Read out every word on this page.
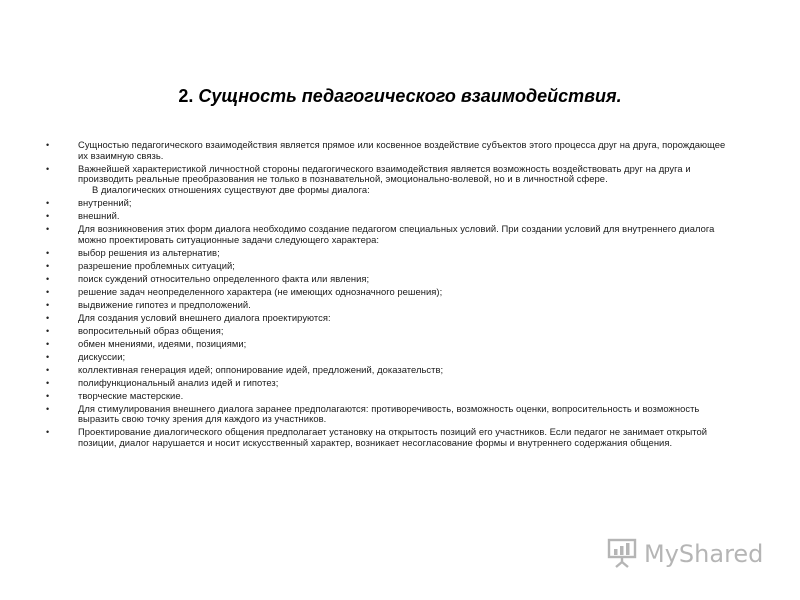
2. Сущность педагогического взаимодействия.
• Сущностью педагогического взаимодействия является прямое или косвенное воздействие субъектов этого процесса друг на друга, порождающее их взаимную связь.
• Важнейшей характеристикой личностной стороны педагогического взаимодействия является возможность воздействовать друг на друга и производить реальные преобразования не только в познавательной, эмоционально-волевой, но и в личностной сфере.
В диалогических отношениях существуют две формы диалога:
• внутренний;
• внешний.
• Для возникновения этих форм диалога необходимо создание педагогом специальных условий. При создании условий для внутреннего диалога можно проектировать ситуационные задачи следующего характера:
• выбор решения из альтернатив;
• разрешение проблемных ситуаций;
• поиск суждений относительно определенного факта или явления;
• решение задач неопределенного характера (не имеющих однозначного решения);
• выдвижение гипотез и предположений.
• Для создания условий внешнего диалога проектируются:
• вопросительный образ общения;
• обмен мнениями, идеями, позициями;
• дискуссии;
• коллективная генерация идей; оппонирование идей, предложений, доказательств;
• полифункциональный анализ идей и гипотез;
• творческие мастерские.
• Для стимулирования внешнего диалога заранее предполагаются: противоречивость, возможность оценки, вопросительность и возможность выразить свою точку зрения для каждого из участников.
• Проектирование диалогического общения предполагает установку на открытость позиций его участников. Если педагог не занимает открытой позиции, диалог нарушается и носит искусственный характер, возникает несогласование формы и внутреннего содержания общения.
MyShared
